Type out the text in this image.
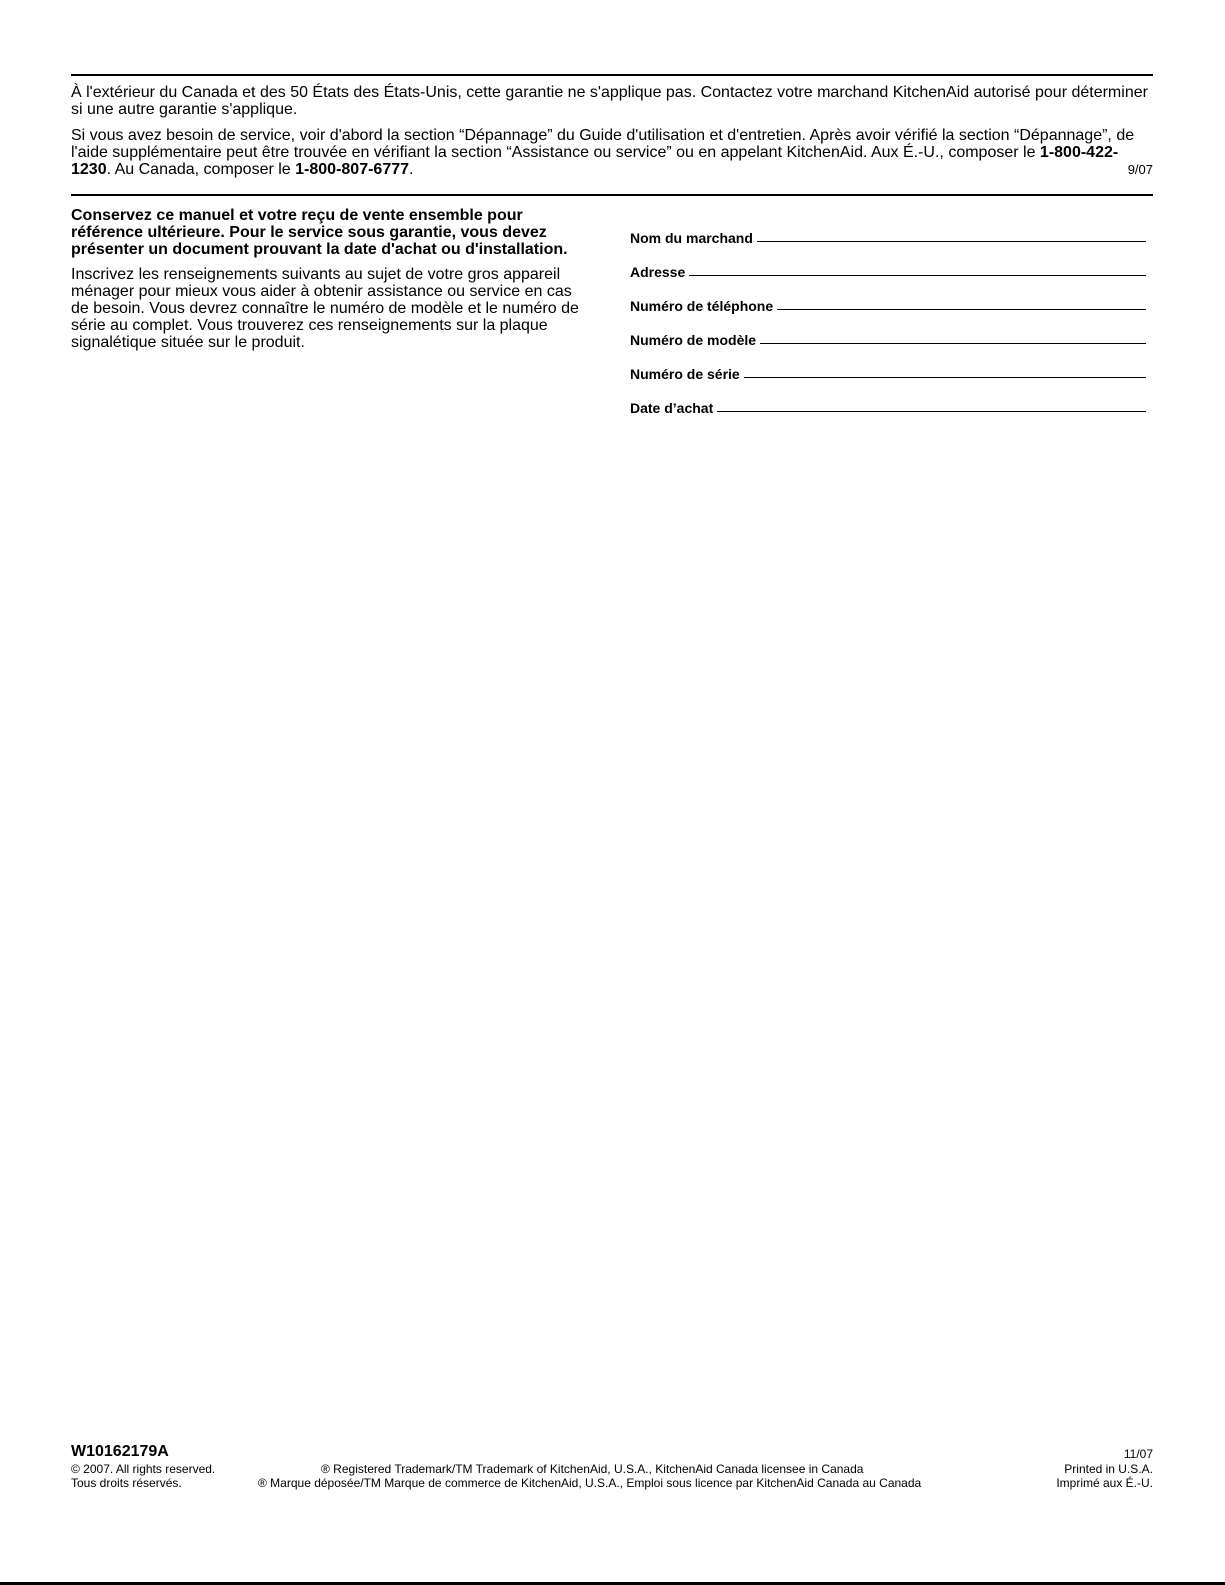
À l'extérieur du Canada et des 50 États des États-Unis, cette garantie ne s'applique pas. Contactez votre marchand KitchenAid autorisé pour déterminer si une autre garantie s'applique.
Si vous avez besoin de service, voir d'abord la section “Dépannage” du Guide d'utilisation et d'entretien. Après avoir vérifié la section “Dépannage”, de l'aide supplémentaire peut être trouvée en vérifiant la section “Assistance ou service” ou en appelant KitchenAid. Aux É.-U., composer le 1-800-422-1230. Au Canada, composer le 1-800-807-6777.	9/07

Conservez ce manuel et votre reçu de vente ensemble pour référence ultérieure. Pour le service sous garantie, vous devez présenter un document prouvant la date d'achat ou d'installation.

Inscrivez les renseignements suivants au sujet de votre gros appareil ménager pour mieux vous aider à obtenir assistance ou service en cas de besoin. Vous devrez connaître le numéro de modèle et le numéro de série au complet. Vous trouverez ces renseignements sur la plaque signalétique située sur le produit.

Nom du marchand
Adresse
Numéro de téléphone
Numéro de modèle
Numéro de série
Date d’achat
W10162179A	11/07
© 2007. All rights reserved.	® Registered Trademark/TM Trademark of KitchenAid, U.S.A., KitchenAid Canada licensee in Canada	Printed in U.S.A.
Tous droits réservés.	® Marque déposée/TM Marque de commerce de KitchenAid, U.S.A., Emploi sous licence par KitchenAid Canada au Canada	Imprimé aux É.-U.
